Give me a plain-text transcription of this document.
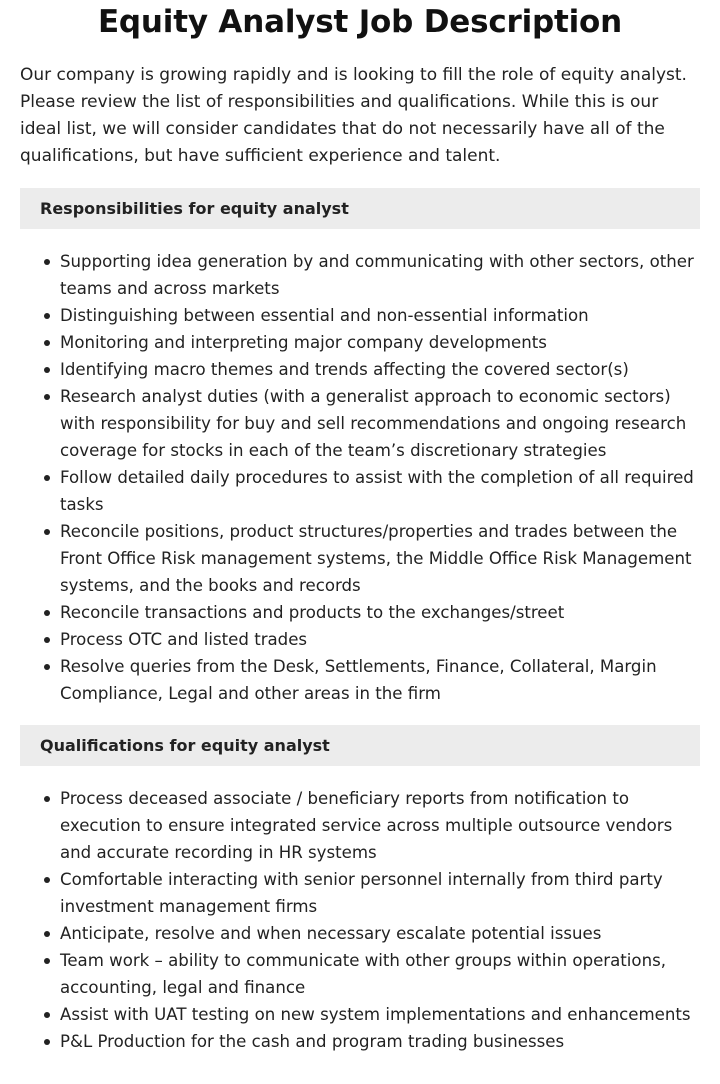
Equity Analyst Job Description

Our company is growing rapidly and is looking to fill the role of equity analyst. Please review the list of responsibilities and qualifications. While this is our ideal list, we will consider candidates that do not necessarily have all of the qualifications, but have sufficient experience and talent.

Responsibilities for equity analyst
Supporting idea generation by and communicating with other sectors, other teams and across markets
Distinguishing between essential and non-essential information
Monitoring and interpreting major company developments
Identifying macro themes and trends affecting the covered sector(s)
Research analyst duties (with a generalist approach to economic sectors) with responsibility for buy and sell recommendations and ongoing research coverage for stocks in each of the team’s discretionary strategies
Follow detailed daily procedures to assist with the completion of all required tasks
Reconcile positions, product structures/properties and trades between the Front Office Risk management systems, the Middle Office Risk Management systems, and the books and records
Reconcile transactions and products to the exchanges/street
Process OTC and listed trades
Resolve queries from the Desk, Settlements, Finance, Collateral, Margin Compliance, Legal and other areas in the firm
Qualifications for equity analyst
Process deceased associate / beneficiary reports from notification to execution to ensure integrated service across multiple outsource vendors and accurate recording in HR systems
Comfortable interacting with senior personnel internally from third party investment management firms
Anticipate, resolve and when necessary escalate potential issues
Team work – ability to communicate with other groups within operations, accounting, legal and finance
Assist with UAT testing on new system implementations and enhancements
P&L Production for the cash and program trading businesses
